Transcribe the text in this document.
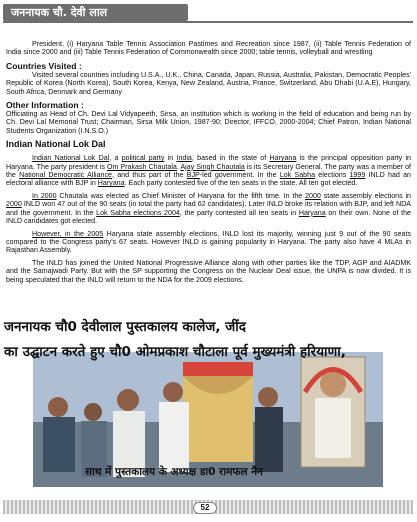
जननायक चौ. देवी लाल

President, (i) Haryana Table Tennis Association Pastimes and Recreation since 1987, (ii) Table Tennis Federation of India since 2000 and (iii) Table Tennis Federation of Commonwealth since 2000; table tennis, volleyball and wrestling

Countries Visited :

Visited several countries including U.S.A., U.K., China, Canada, Japan, Russia, Australia, Pakistan, Democratic Peoples' Republic of Korea (North Korea), South Korea, Kenya, New Zealand, Austria, France, Switzerland, Abu Dhabi (U.A.E), Hungary, South Africa, Denmark and Germany

Other Information :

Officiating as Head of Ch. Devi Lal Vidyapeeth, Sirsa, an institution which is working in the field of education and being run by Ch. Devi Lal Memorial Trust; Chairman, Sirsa Milk Union, 1987-90; Director, IFFCO, 2000-2004; Chief Patron, Indian National Students Organization (I.N.S.O.)

Indian National Lok Dal

Indian National Lok Dal, a political party in India, based in the state of Haryana is the principal opposition party in Haryana. The party president is Om Prakash Chautala. Ajay Singh Chautala is its Secretary General. The party was a member of the National Democratic Alliance, and thus part of the BJP-led government. In the Lok Sabha elections 1999 INLD had an electoral alliance with BJP in Haryana. Each party contested five of the ten seats in the state. All ten got elected.

In 2000 Chautala was elected as Chief Minister of Haryana for the fifth time. In the 2000 state assembly elections in 2000 INLD won 47 out of the 90 seats (in total the party had 62 candidates). Later INLD broke its relation with BJP, and left NDA and the government. In the Lok Sabha elections 2004, the party contested all ten seats in Haryana on their own. None of the INLD candidates got elected.

However, in the 2005 Haryana state assembly elections, INLD lost its majority, winning just 9 out of the 90 seats compared to the Congress party's 67 seats. However INLD is gaining popularity in Haryana. The party also have 4 MLAs in Rajasthan Assembly.

The INLD has joined the United National Progressive Alliance along with other parties like the TDP, AGP and AIADMK and the Samajwadi Party. But with the SP supporting the Congress on the Nuclear Deal issue, the UNPA is now divided. It is being speculated that the INLD will return to the NDA for the 2009 elections.

जननायक चौ0 देवीलाल पुस्तकालय कालेज, जींद
का उद्घाटन करते हुए चौ0 ओमप्रकाश चौटाला पूर्व मुख्यमंत्री हरियाणा,
साथ में पुस्तकालय के अध्यक्ष डा0 रामफल नैन
52
